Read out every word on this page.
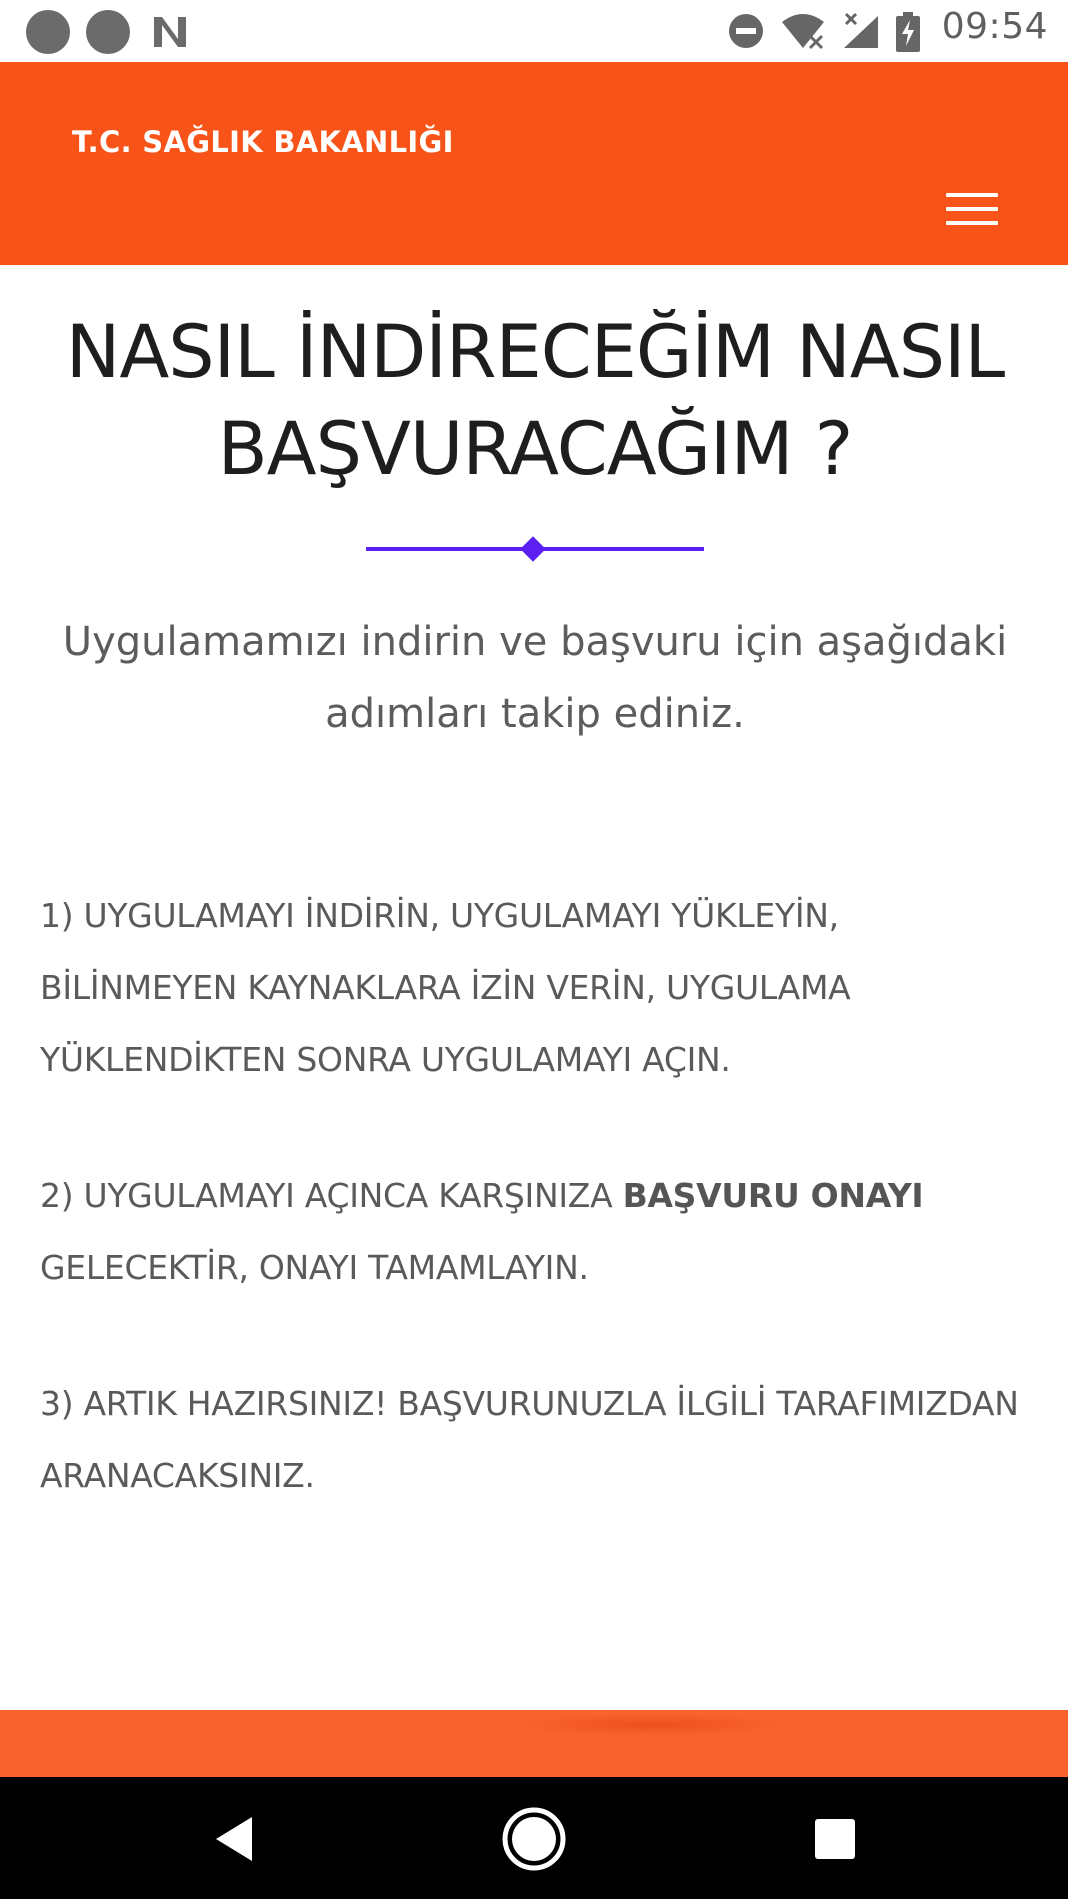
09:54
T.C. SAĞLIK BAKANLIĞI
NASIL İNDİRECEĞİM NASIL BAŞVURACAĞIM ?

Uygulamamızı indirin ve başvuru için aşağıdaki adımları takip ediniz.

1) UYGULAMAYI İNDİRİN, UYGULAMAYI YÜKLEYİN, BİLİNMEYEN KAYNAKLARA İZİN VERİN, UYGULAMA YÜKLENDİKTEN SONRA UYGULAMAYI AÇIN.

2) UYGULAMAYI AÇINCA KARŞINIZA BAŞVURU ONAYI GELECEKTİR, ONAYI TAMAMLAYIN.

3) ARTIK HAZIRSINIZ! BAŞVURUNUZLA İLGİLİ TARAFIMIZDAN ARANACAKSINIZ.
